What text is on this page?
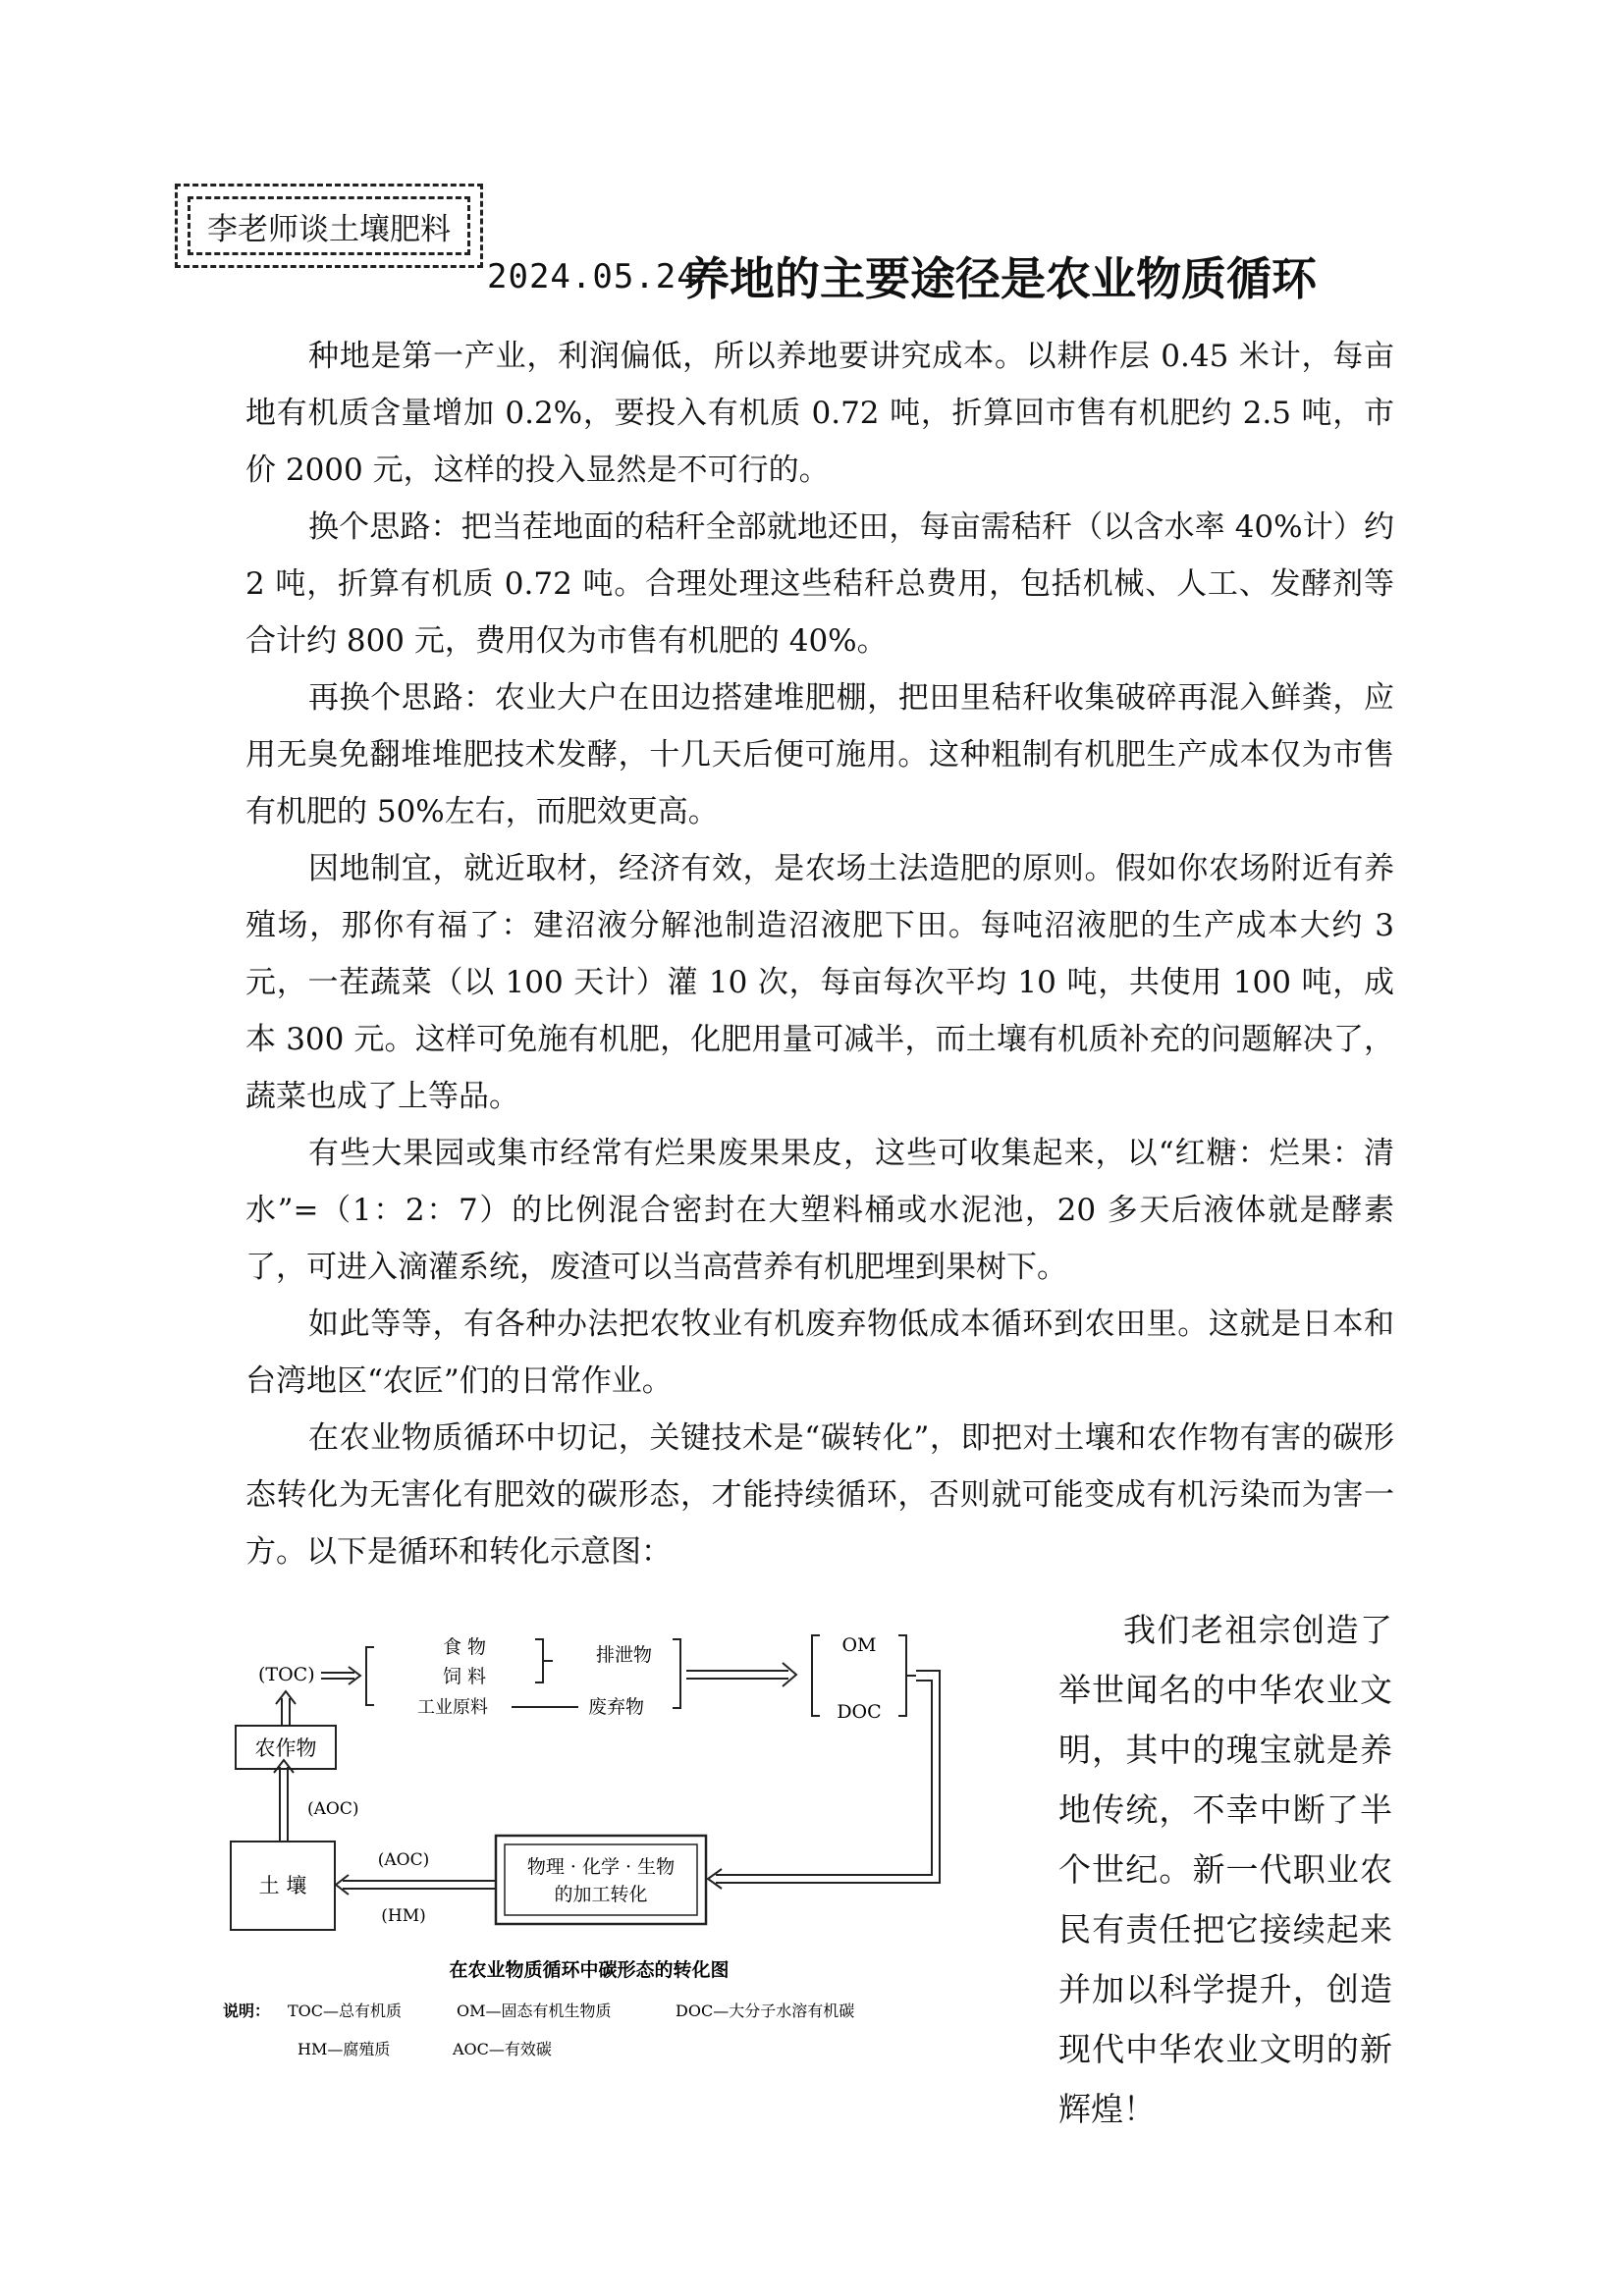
李老师谈土壤肥料
2024.05.24
养地的主要途径是农业物质循环

种地是第一产业，利润偏低，所以养地要讲究成本。以耕作层 0.45 米计，每亩地有机质含量增加 0.2%，要投入有机质 0.72 吨，折算回市售有机肥约 2.5 吨，市价 2000 元，这样的投入显然是不可行的。

换个思路：把当茬地面的秸秆全部就地还田，每亩需秸秆（以含水率 40%计）约 2 吨，折算有机质 0.72 吨。合理处理这些秸秆总费用，包括机械、人工、发酵剂等合计约 800 元，费用仅为市售有机肥的 40%。

再换个思路：农业大户在田边搭建堆肥棚，把田里秸秆收集破碎再混入鲜粪，应用无臭免翻堆堆肥技术发酵，十几天后便可施用。这种粗制有机肥生产成本仅为市售有机肥的 50%左右，而肥效更高。

因地制宜，就近取材，经济有效，是农场土法造肥的原则。假如你农场附近有养殖场，那你有福了：建沼液分解池制造沼液肥下田。每吨沼液肥的生产成本大约 3 元，一茬蔬菜（以 100 天计）灌 10 次，每亩每次平均 10 吨，共使用 100 吨，成本 300 元。这样可免施有机肥，化肥用量可减半，而土壤有机质补充的问题解决了，蔬菜也成了上等品。

有些大果园或集市经常有烂果废果果皮，这些可收集起来，以“红糖：烂果：清水”=（1：2：7）的比例混合密封在大塑料桶或水泥池，20 多天后液体就是酵素了，可进入滴灌系统，废渣可以当高营养有机肥埋到果树下。

如此等等，有各种办法把农牧业有机废弃物低成本循环到农田里。这就是日本和台湾地区“农匠”们的日常作业。

在农业物质循环中切记，关键技术是“碳转化”，即把对土壤和农作物有害的碳形态转化为无害化有肥效的碳形态，才能持续循环，否则就可能变成有机污染而为害一方。以下是循环和转化示意图：

(TOC)
食 物
饲 料
工业原料
排泄物
废弃物
OM
DOC
物理 · 化学 · 生物
的加工转化
(AOC)
(HM)
土 壤
(AOC)
农作物
在农业物质循环中碳形态的转化图
说明： TOC—总有机质	OM—固态有机生物质	DOC—大分子水溶有机碳
HM—腐殖质	AOC—有效碳

我们老祖宗创造了举世闻名的中华农业文明，其中的瑰宝就是养地传统，不幸中断了半个世纪。新一代职业农民有责任把它接续起来并加以科学提升，创造现代中华农业文明的新辉煌！
